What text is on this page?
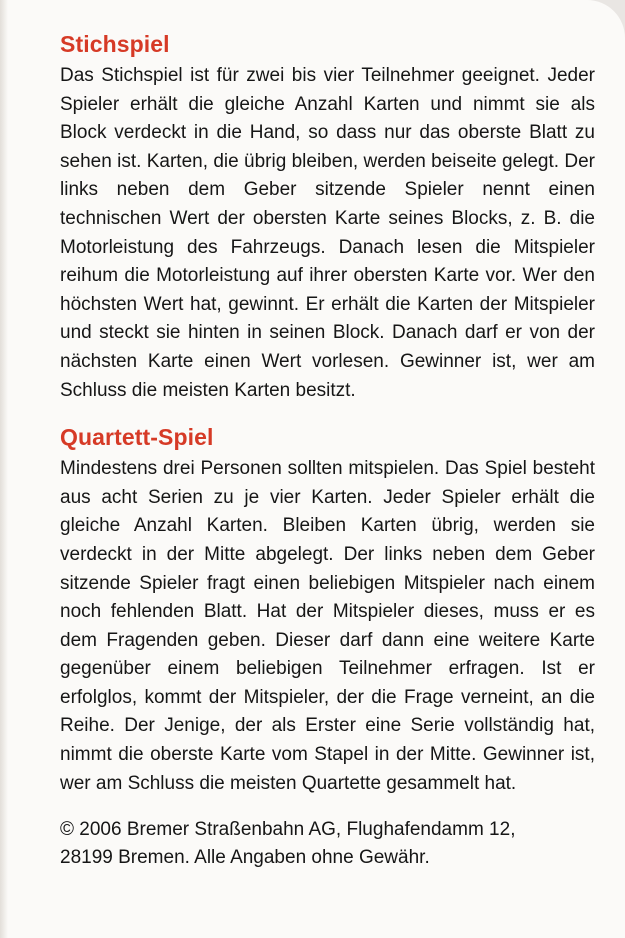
Stichspiel

Das Stichspiel ist für zwei bis vier Teilnehmer geeignet. Jeder Spieler erhält die gleiche Anzahl Karten und nimmt sie als Block verdeckt in die Hand, so dass nur das oberste Blatt zu sehen ist. Karten, die übrig bleiben, werden beiseite gelegt. Der links neben dem Geber sitzende Spieler nennt einen technischen Wert der obersten Karte seines Blocks, z. B. die Motorleistung des Fahrzeugs. Danach lesen die Mitspieler reihum die Motorleistung auf ihrer obersten Karte vor. Wer den höchsten Wert hat, gewinnt. Er erhält die Karten der Mitspieler und steckt sie hinten in seinen Block. Danach darf er von der nächsten Karte einen Wert vorlesen. Gewinner ist, wer am Schluss die meisten Karten besitzt.

Quartett-Spiel

Mindestens drei Personen sollten mitspielen. Das Spiel besteht aus acht Serien zu je vier Karten. Jeder Spieler erhält die gleiche Anzahl Karten. Bleiben Karten übrig, werden sie verdeckt in der Mitte abgelegt. Der links neben dem Geber sitzende Spieler fragt einen beliebigen Mitspieler nach einem noch fehlenden Blatt. Hat der Mitspieler dieses, muss er es dem Fragenden geben. Dieser darf dann eine weitere Karte gegenüber einem beliebigen Teilnehmer erfragen. Ist er erfolglos, kommt der Mitspieler, der die Frage verneint, an die Reihe. Der Jenige, der als Erster eine Serie vollständig hat, nimmt die oberste Karte vom Stapel in der Mitte. Gewinner ist, wer am Schluss die meisten Quartette gesammelt hat.

© 2006 Bremer Straßenbahn AG, Flughafendamm 12,
28199 Bremen. Alle Angaben ohne Gewähr.
